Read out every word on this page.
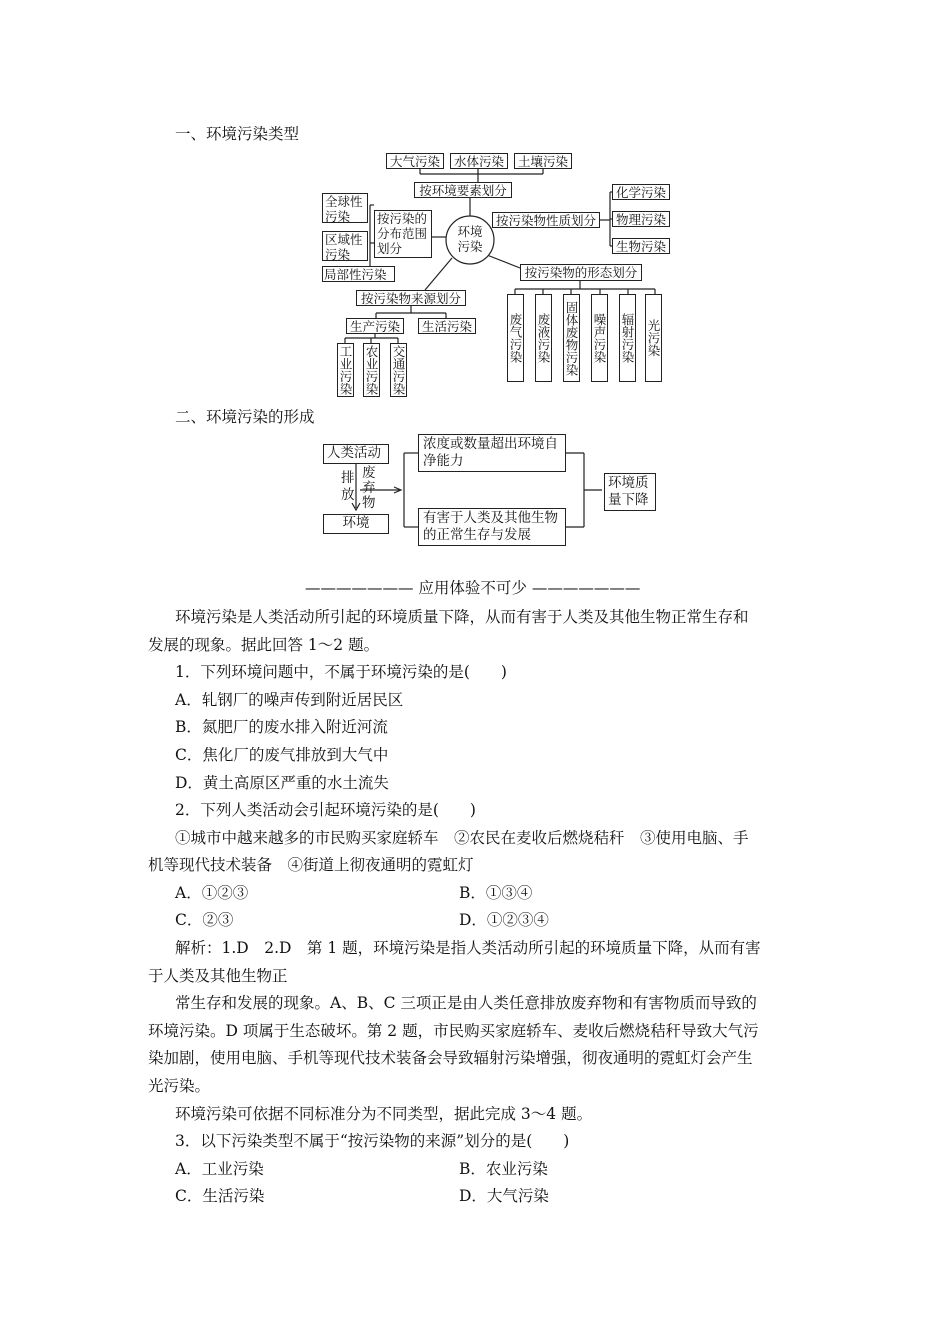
一、环境污染类型
大气污染	水体污染	土壤污染
按环境要素划分
环境污染
全球性污染
区域性污染
按污染的分布范围划分
局部性污染
按污染物性质划分
化学污染
物理污染
生物污染
按污染物的形态划分
废气污染 废液污染 固体废物污染 噪声污染 辐射污染 光污染
按污染物来源划分
生产污染	生活污染
工业污染 农业污染 交通污染
二、环境污染的形成
人类活动
排放
废弃物
环境
浓度或数量超出环境自净能力
有害于人类及其他生物的正常生存与发展
环境质量下降
——————— 应用体验不可少 ———————
环境污染是人类活动所引起的环境质量下降，从而有害于人类及其他生物正常生存和
发展的现象。据此回答 1～2 题。
1．下列环境问题中，不属于环境污染的是(　　)
A．轧钢厂的噪声传到附近居民区
B．氮肥厂的废水排入附近河流
C．焦化厂的废气排放到大气中
D．黄土高原区严重的水土流失
2．下列人类活动会引起环境污染的是(　　)
①城市中越来越多的市民购买家庭轿车　②农民在麦收后燃烧秸秆　③使用电脑、手
机等现代技术装备　④街道上彻夜通明的霓虹灯
A．①②③	B．①③④
C．②③	D．①②③④
解析：1.D　2.D　第 1 题，环境污染是指人类活动所引起的环境质量下降，从而有害
于人类及其他生物正
常生存和发展的现象。A、B、C 三项正是由人类任意排放废弃物和有害物质而导致的
环境污染。D 项属于生态破坏。第 2 题，市民购买家庭轿车、麦收后燃烧秸秆导致大气污
染加剧，使用电脑、手机等现代技术装备会导致辐射污染增强，彻夜通明的霓虹灯会产生
光污染。
环境污染可依据不同标准分为不同类型，据此完成 3～4 题。
3．以下污染类型不属于“按污染物的来源”划分的是(　　)
A．工业污染	B．农业污染
C．生活污染	D．大气污染
